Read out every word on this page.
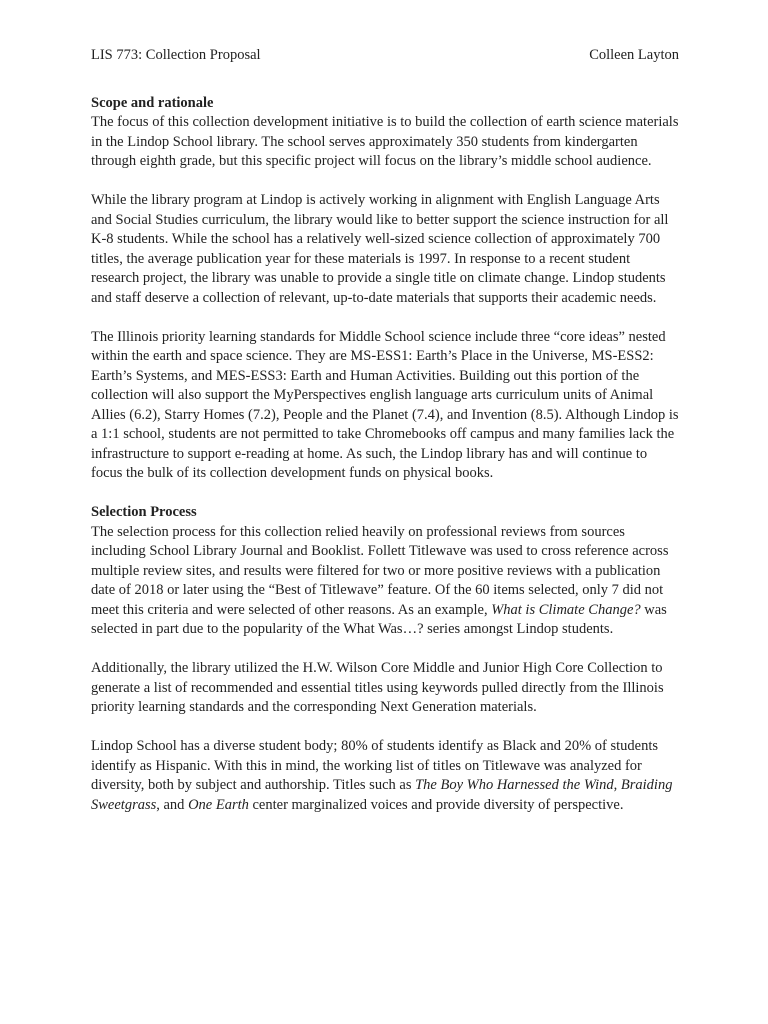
LIS 773: Collection Proposal	Colleen Layton
Scope and rationale

The focus of this collection development initiative is to build the collection of earth science materials in the Lindop School library. The school serves approximately 350 students from kindergarten through eighth grade, but this specific project will focus on the library’s middle school audience.

While the library program at Lindop is actively working in alignment with English Language Arts and Social Studies curriculum, the library would like to better support the science instruction for all K-8 students. While the school has a relatively well-sized science collection of approximately 700 titles, the average publication year for these materials is 1997. In response to a recent student research project, the library was unable to provide a single title on climate change. Lindop students and staff deserve a collection of relevant, up-to-date materials that supports their academic needs.

The Illinois priority learning standards for Middle School science include three “core ideas” nested within the earth and space science. They are MS-ESS1: Earth’s Place in the Universe, MS-ESS2: Earth’s Systems, and MES-ESS3: Earth and Human Activities. Building out this portion of the collection will also support the MyPerspectives english language arts curriculum units of Animal Allies (6.2), Starry Homes (7.2), People and the Planet (7.4), and Invention (8.5). Although Lindop is a 1:1 school, students are not permitted to take Chromebooks off campus and many families lack the infrastructure to support e-reading at home. As such, the Lindop library has and will continue to focus the bulk of its collection development funds on physical books.

Selection Process

The selection process for this collection relied heavily on professional reviews from sources including School Library Journal and Booklist. Follett Titlewave was used to cross reference across multiple review sites, and results were filtered for two or more positive reviews with a publication date of 2018 or later using the “Best of Titlewave” feature. Of the 60 items selected, only 7 did not meet this criteria and were selected of other reasons. As an example, What is Climate Change? was selected in part due to the popularity of the What Was…? series amongst Lindop students.

Additionally, the library utilized the H.W. Wilson Core Middle and Junior High Core Collection to generate a list of recommended and essential titles using keywords pulled directly from the Illinois priority learning standards and the corresponding Next Generation materials.

Lindop School has a diverse student body; 80% of students identify as Black and 20% of students identify as Hispanic. With this in mind, the working list of titles on Titlewave was analyzed for diversity, both by subject and authorship. Titles such as The Boy Who Harnessed the Wind, Braiding Sweetgrass, and One Earth center marginalized voices and provide diversity of perspective.
